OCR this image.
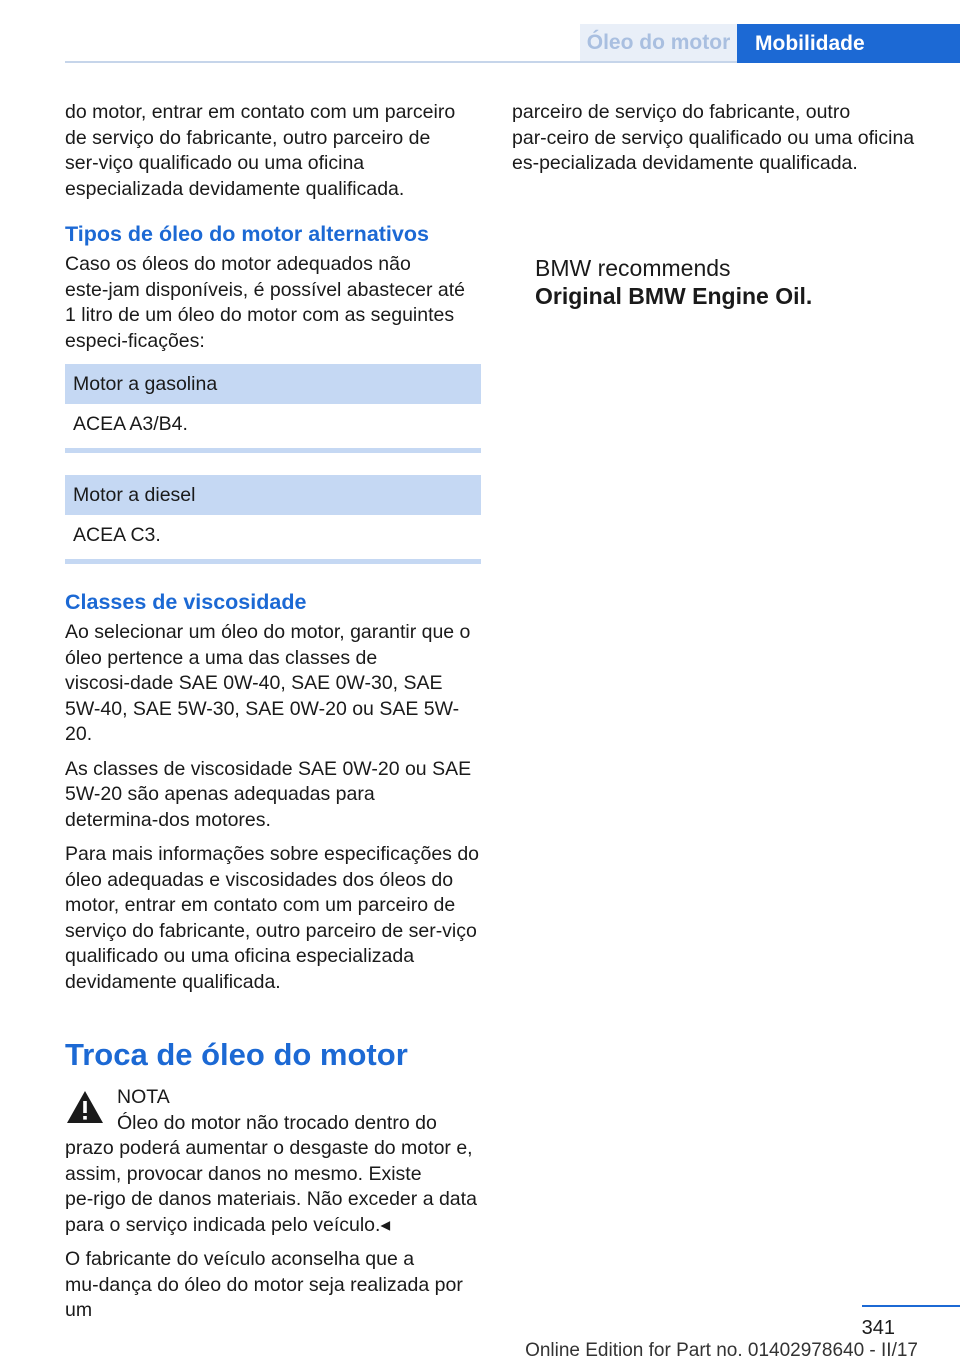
Óleo do motor	Mobilidade

do motor, entrar em contato com um parceiro de serviço do fabricante, outro parceiro de ser‑viço qualificado ou uma oficina especializada devidamente qualificada.

Tipos de óleo do motor alternativos

Caso os óleos do motor adequados não este‑jam disponíveis, é possível abastecer até 1 litro de um óleo do motor com as seguintes especi‑ficações:

Motor a gasolina
ACEA A3/B4.
Motor a diesel
ACEA C3.
Classes de viscosidade

Ao selecionar um óleo do motor, garantir que o óleo pertence a uma das classes de viscosi‑dade SAE 0W-40, SAE 0W-30, SAE 5W-40, SAE 5W-30, SAE 0W-20 ou SAE 5W-20.

As classes de viscosidade SAE 0W-20 ou SAE 5W-20 são apenas adequadas para determina‑dos motores.

Para mais informações sobre especificações do óleo adequadas e viscosidades dos óleos do motor, entrar em contato com um parceiro de serviço do fabricante, outro parceiro de ser‑viço qualificado ou uma oficina especializada devidamente qualificada.

Troca de óleo do motor
NOTA
Óleo do motor não trocado dentro do
prazo poderá aumentar o desgaste do motor e, assim, provocar danos no mesmo. Existe pe‑rigo de danos materiais. Não exceder a data para o serviço indicada pelo veículo.◂

O fabricante do veículo aconselha que a mu‑dança do óleo do motor seja realizada por um

parceiro de serviço do fabricante, outro par‑ceiro de serviço qualificado ou uma oficina es‑pecializada devidamente qualificada.

BMW recommends
Original BMW Engine Oil.
341
Online Edition for Part no. 01402978640 - II/17
